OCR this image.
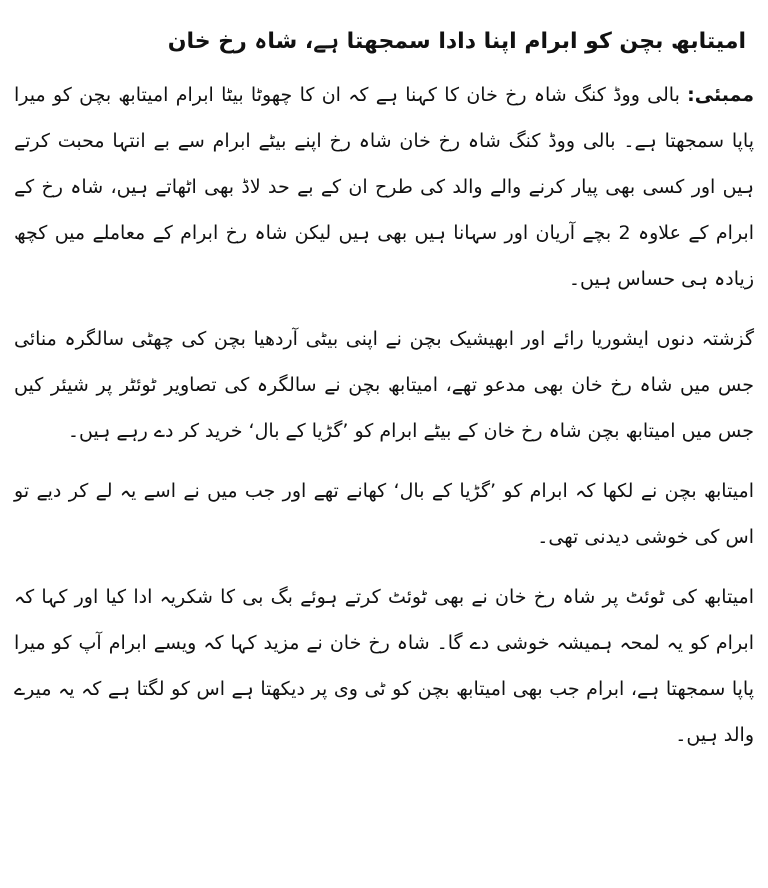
امیتابھ بچن کو ابرام اپنا دادا سمجھتا ہے، شاہ رخ خان

ممبئی: بالی ووڈ کنگ شاہ رخ خان کا کہنا ہے کہ ان کا چھوٹا بیٹا ابرام امیتابھ بچن کو میرا پاپا سمجھتا ہے۔ بالی ووڈ کنگ شاہ رخ خان شاہ رخ اپنے بیٹے ابرام سے بے انتہا محبت کرتے ہیں اور کسی بھی پیار کرنے والے والد کی طرح ان کے بے حد لاڈ بھی اٹھاتے ہیں، شاہ رخ کے ابرام کے علاوہ 2 بچے آریان اور سہانا ہیں بھی ہیں لیکن شاہ رخ ابرام کے معاملے میں کچھ زیادہ ہی حساس ہیں۔

گزشتہ دنوں ایشوریا رائے اور ابھیشیک بچن نے اپنی بیٹی آردھیا بچن کی چھٹی سالگرہ منائی جس میں شاہ رخ خان بھی مدعو تھے، امیتابھ بچن نے سالگرہ کی تصاویر ٹوئٹر پر شیئر کیں جس میں امیتابھ بچن شاہ رخ خان کے بیٹے ابرام کو ’گڑیا کے بال‘ خرید کر دے رہے ہیں۔

امیتابھ بچن نے لکھا کہ ابرام کو ’گڑیا کے بال‘ کھانے تھے اور جب میں نے اسے یہ لے کر دیے تو اس کی خوشی دیدنی تھی۔

امیتابھ کی ٹوئٹ پر شاہ رخ خان نے بھی ٹوئٹ کرتے ہوئے بگ بی کا شکریہ ادا کیا اور کہا کہ ابرام کو یہ لمحہ ہمیشہ خوشی دے گا۔ شاہ رخ خان نے مزید کہا کہ ویسے ابرام آپ کو میرا پاپا سمجھتا ہے، ابرام جب بھی امیتابھ بچن کو ٹی وی پر دیکھتا ہے اس کو لگتا ہے کہ یہ میرے والد ہیں۔
